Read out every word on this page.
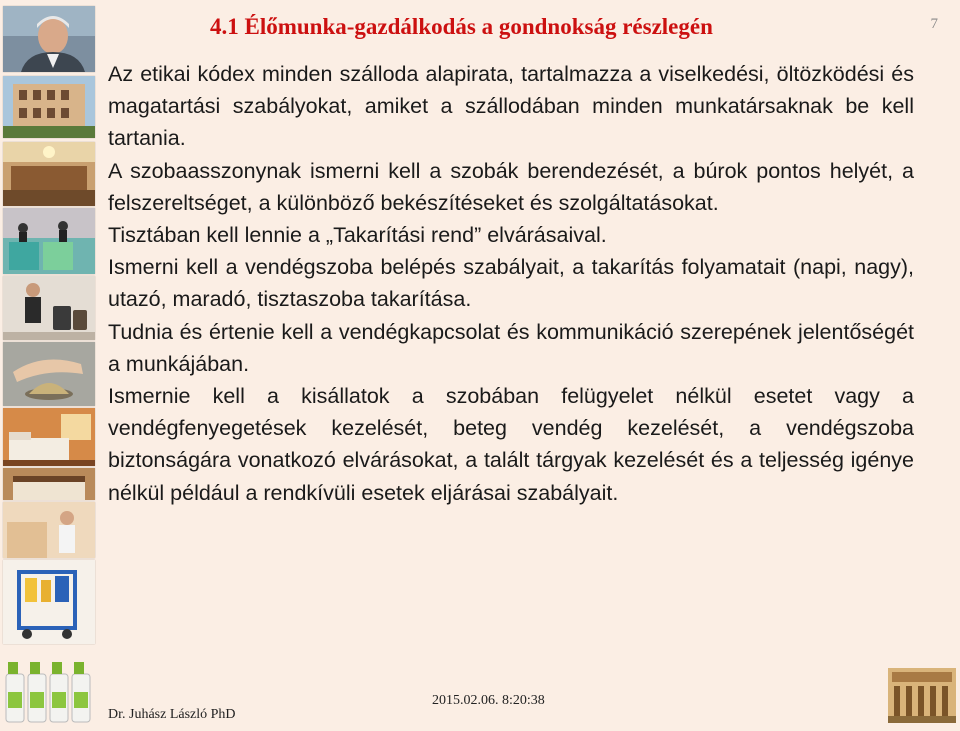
4.1 Élőmunka-gazdálkodás a gondnokság részlegén	7

Az etikai kódex minden szálloda alapirata, tartalmazza a viselkedési, öltözködési és magatartási szabályokat, amiket a szállodában minden munkatársaknak be kell tartania.

A szobaasszonynak ismerni kell a szobák berendezését, a búrok pontos helyét, a felszereltséget, a különböző bekészítéseket és szolgáltatásokat.

Tisztában kell lennie a „Takarítási rend” elvárásaival.

Ismerni kell a vendégszoba belépés szabályait, a takarítás folyamatait (napi, nagy), utazó, maradó, tisztaszoba takarítása.

Tudnia és értenie kell a vendégkapcsolat és kommunikáció szerepének jelentőségét a munkájában.

Ismernie kell a kisállatok a szobában felügyelet nélkül esetet vagy a vendégfenyegetések kezelését, beteg vendég kezelését, a vendégszoba biztonságára vonatkozó elvárásokat, a talált tárgyak kezelését és a teljesség igénye nélkül például a rendkívüli esetek eljárásai szabályait.

2015.02.06. 8:20:38
Dr. Juhász László PhD
